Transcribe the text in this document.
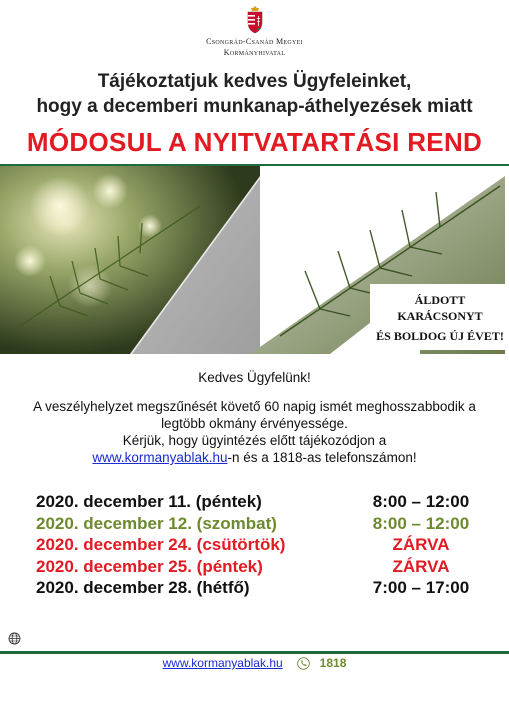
Csongrád-Csanád Megyei
Kormányhivatal
Tájékoztatjuk kedves Ügyfeleinket,
hogy a decemberi munkanap-áthelyezések miatt
MÓDOSUL A NYITVATARTÁSI REND
ÁLDOTT
KARÁCSONYT
ÉS BOLDOG ÚJ ÉVET!
Kedves Ügyfelünk!
A veszélyhelyzet megszűnését követő 60 napig ismét meghosszabbodik a legtöbb okmány érvényessége.
Kérjük, hogy ügyintézés előtt tájékozódjon a
www.kormanyablak.hu-n és a 1818-as telefonszámon!
2020. december 11. (péntek)	8:00 – 12:00
2020. december 12. (szombat)	8:00 – 12:00
2020. december 24. (csütörtök)	ZÁRVA
2020. december 25. (péntek)	ZÁRVA
2020. december 28. (hétfő)	7:00 – 17:00
www.kormanyablak.hu	1818
